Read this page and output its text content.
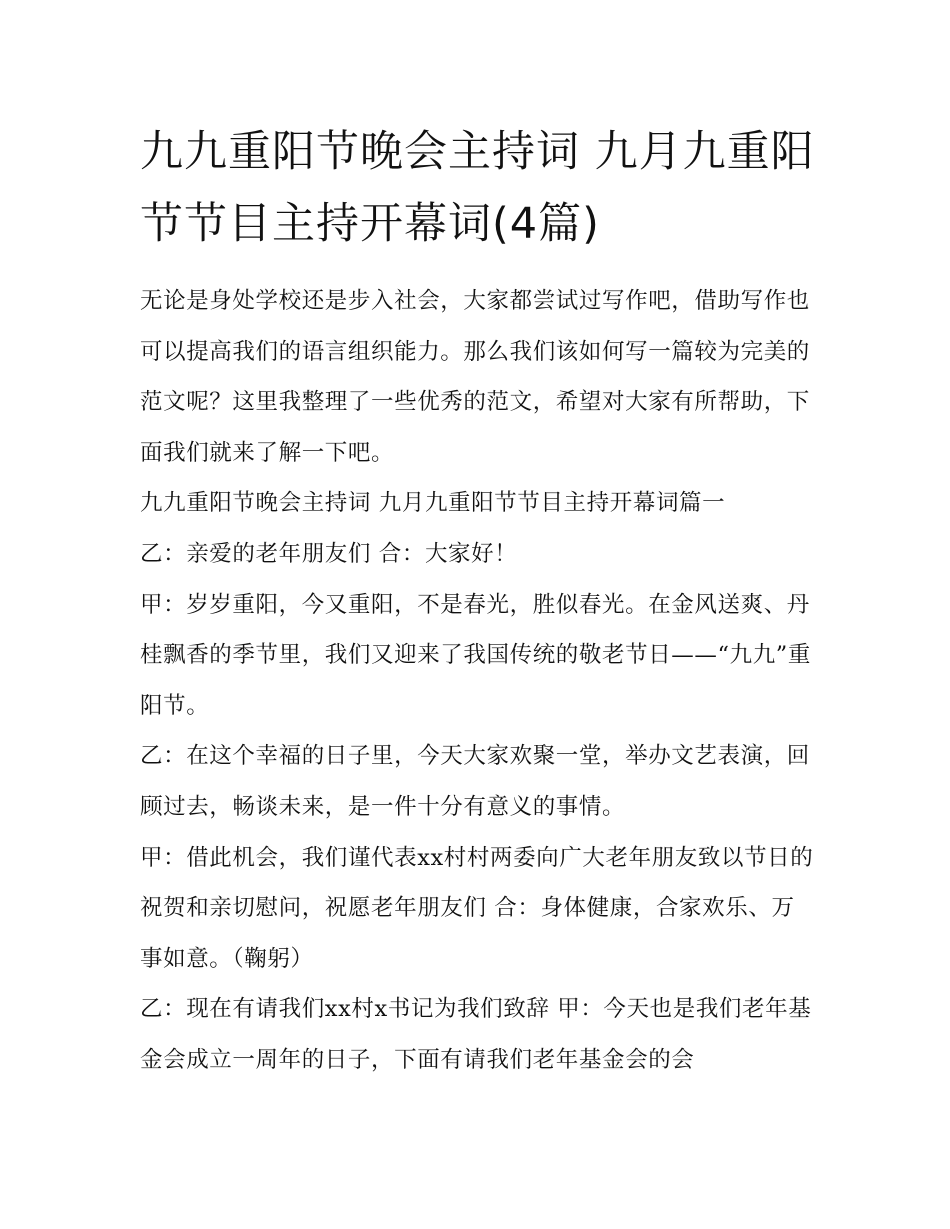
九九重阳节晚会主持词 九月九重阳节节目主持开幕词(4篇)

无论是身处学校还是步入社会，大家都尝试过写作吧，借助写作也可以提高我们的语言组织能力。那么我们该如何写一篇较为完美的范文呢？这里我整理了一些优秀的范文，希望对大家有所帮助，下面我们就来了解一下吧。

九九重阳节晚会主持词 九月九重阳节节目主持开幕词篇一

乙：亲爱的老年朋友们 合：大家好！

甲：岁岁重阳，今又重阳，不是春光，胜似春光。在金风送爽、丹桂飘香的季节里，我们又迎来了我国传统的敬老节日——“九九”重阳节。

乙：在这个幸福的日子里，今天大家欢聚一堂，举办文艺表演，回顾过去，畅谈未来，是一件十分有意义的事情。

甲：借此机会，我们谨代表xx村村两委向广大老年朋友致以节日的祝贺和亲切慰问，祝愿老年朋友们 合：身体健康，合家欢乐、万事如意。（鞠躬）

乙：现在有请我们xx村x书记为我们致辞 甲：今天也是我们老年基金会成立一周年的日子，下面有请我们老年基金会的会
